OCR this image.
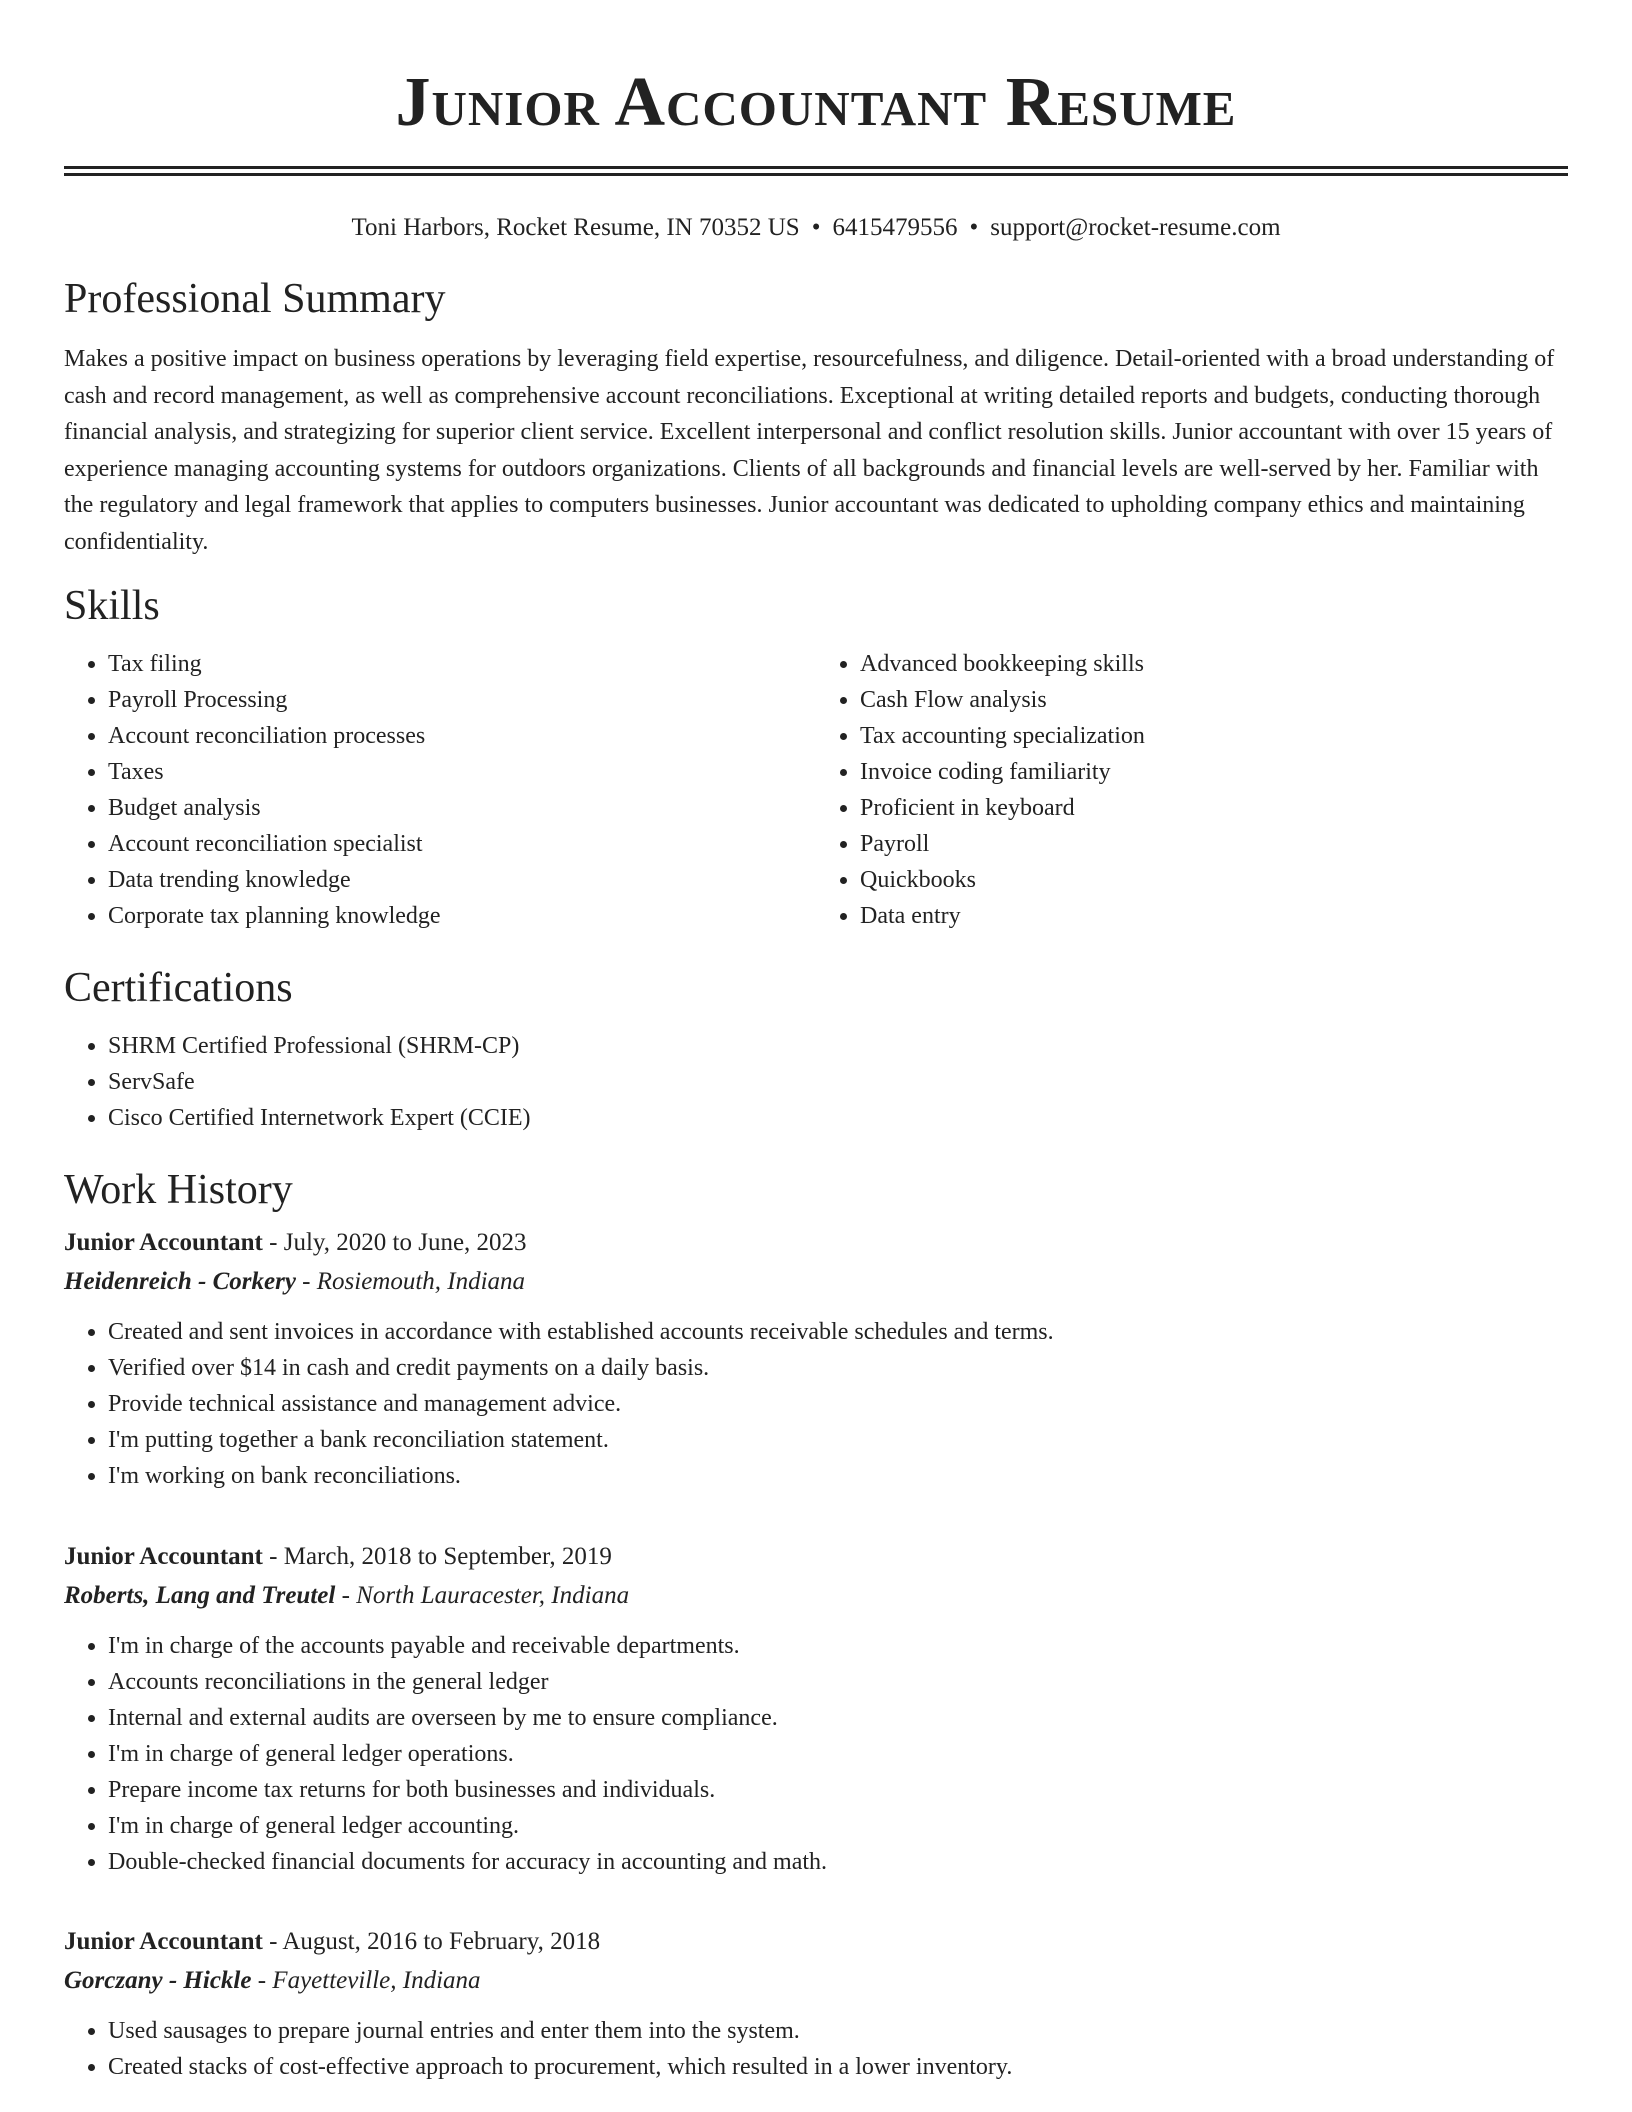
Junior Accountant Resume
Toni Harbors, Rocket Resume, IN 70352 US • 6415479556 • support@rocket-resume.com
Professional Summary

Makes a positive impact on business operations by leveraging field expertise, resourcefulness, and diligence. Detail-oriented with a broad understanding of cash and record management, as well as comprehensive account reconciliations. Exceptional at writing detailed reports and budgets, conducting thorough financial analysis, and strategizing for superior client service. Excellent interpersonal and conflict resolution skills. Junior accountant with over 15 years of experience managing accounting systems for outdoors organizations. Clients of all backgrounds and financial levels are well-served by her. Familiar with the regulatory and legal framework that applies to computers businesses. Junior accountant was dedicated to upholding company ethics and maintaining confidentiality.

Skills
• Tax filing
• Payroll Processing
• Account reconciliation processes
• Taxes
• Budget analysis
• Account reconciliation specialist
• Data trending knowledge
• Corporate tax planning knowledge
• Advanced bookkeeping skills
• Cash Flow analysis
• Tax accounting specialization
• Invoice coding familiarity
• Proficient in keyboard
• Payroll
• Quickbooks
• Data entry
Certifications
• SHRM Certified Professional (SHRM-CP)
• ServSafe
• Cisco Certified Internetwork Expert (CCIE)
Work History
Junior Accountant - July, 2020 to June, 2023
Heidenreich - Corkery - Rosiemouth, Indiana
• Created and sent invoices in accordance with established accounts receivable schedules and terms.
• Verified over $14 in cash and credit payments on a daily basis.
• Provide technical assistance and management advice.
• I'm putting together a bank reconciliation statement.
• I'm working on bank reconciliations.
Junior Accountant - March, 2018 to September, 2019
Roberts, Lang and Treutel - North Lauracester, Indiana
• I'm in charge of the accounts payable and receivable departments.
• Accounts reconciliations in the general ledger
• Internal and external audits are overseen by me to ensure compliance.
• I'm in charge of general ledger operations.
• Prepare income tax returns for both businesses and individuals.
• I'm in charge of general ledger accounting.
• Double-checked financial documents for accuracy in accounting and math.
Junior Accountant - August, 2016 to February, 2018
Gorczany - Hickle - Fayetteville, Indiana
• Used sausages to prepare journal entries and enter them into the system.
• Created stacks of cost-effective approach to procurement, which resulted in a lower inventory.
